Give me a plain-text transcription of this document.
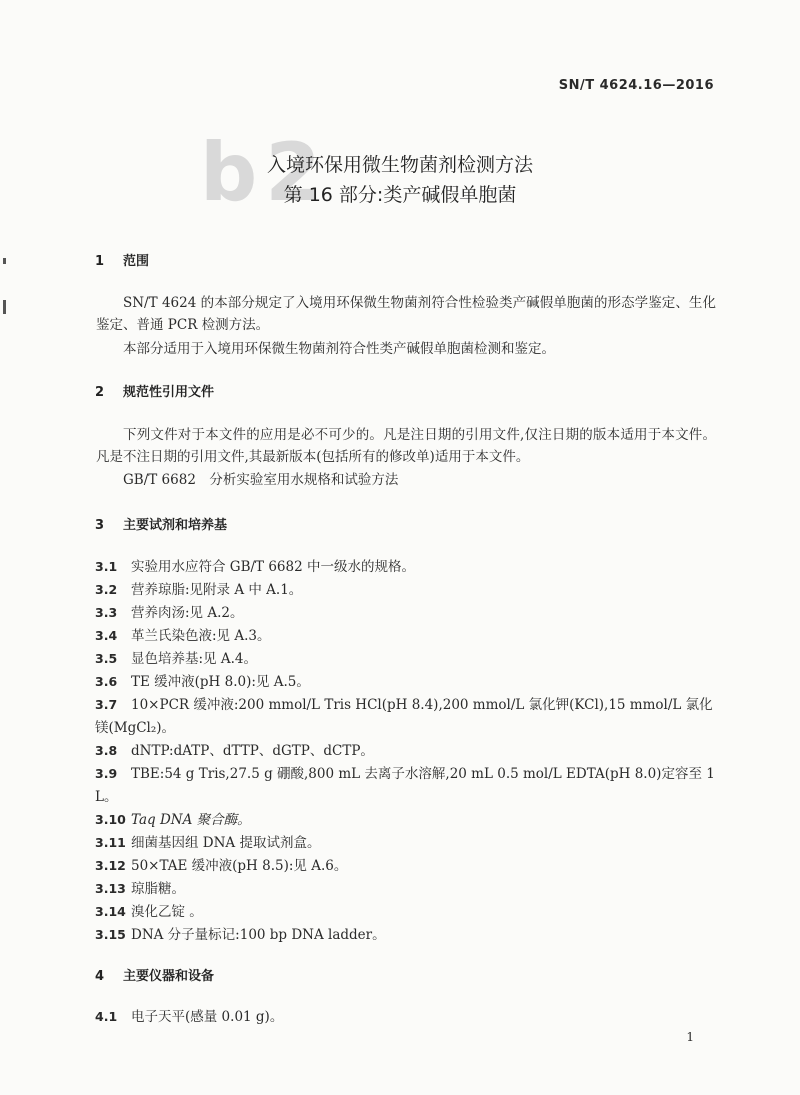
SN/T 4624.16—2016
b2
入境环保用微生物菌剂检测方法
第 16 部分:类产碱假单胞菌
1 范围
SN/T 4624 的本部分规定了入境用环保微生物菌剂符合性检验类产碱假单胞菌的形态学鉴定、生化鉴定、普通 PCR 检测方法。
本部分适用于入境用环保微生物菌剂符合性类产碱假单胞菌检测和鉴定。
2 规范性引用文件
下列文件对于本文件的应用是必不可少的。凡是注日期的引用文件,仅注日期的版本适用于本文件。凡是不注日期的引用文件,其最新版本(包括所有的修改单)适用于本文件。
GB/T 6682　分析实验室用水规格和试验方法
3 主要试剂和培养基
3.1 实验用水应符合 GB/T 6682 中一级水的规格。
3.2 营养琼脂:见附录 A 中 A.1。
3.3 营养肉汤:见 A.2。
3.4 革兰氏染色液:见 A.3。
3.5 显色培养基:见 A.4。
3.6 TE 缓冲液(pH 8.0):见 A.5。
3.7 10×PCR 缓冲液:200 mmol/L Tris HCl(pH 8.4),200 mmol/L 氯化钾(KCl),15 mmol/L 氯化镁(MgCl₂)。
3.8 dNTP:dATP、dTTP、dGTP、dCTP。
3.9 TBE:54 g Tris,27.5 g 硼酸,800 mL 去离子水溶解,20 mL 0.5 mol/L EDTA(pH 8.0)定容至 1 L。
3.10 Taq DNA 聚合酶。
3.11 细菌基因组 DNA 提取试剂盒。
3.12 50×TAE 缓冲液(pH 8.5):见 A.6。
3.13 琼脂糖。
3.14 溴化乙锭 。
3.15 DNA 分子量标记:100 bp DNA ladder。
4 主要仪器和设备
4.1 电子天平(感量 0.01 g)。
1
